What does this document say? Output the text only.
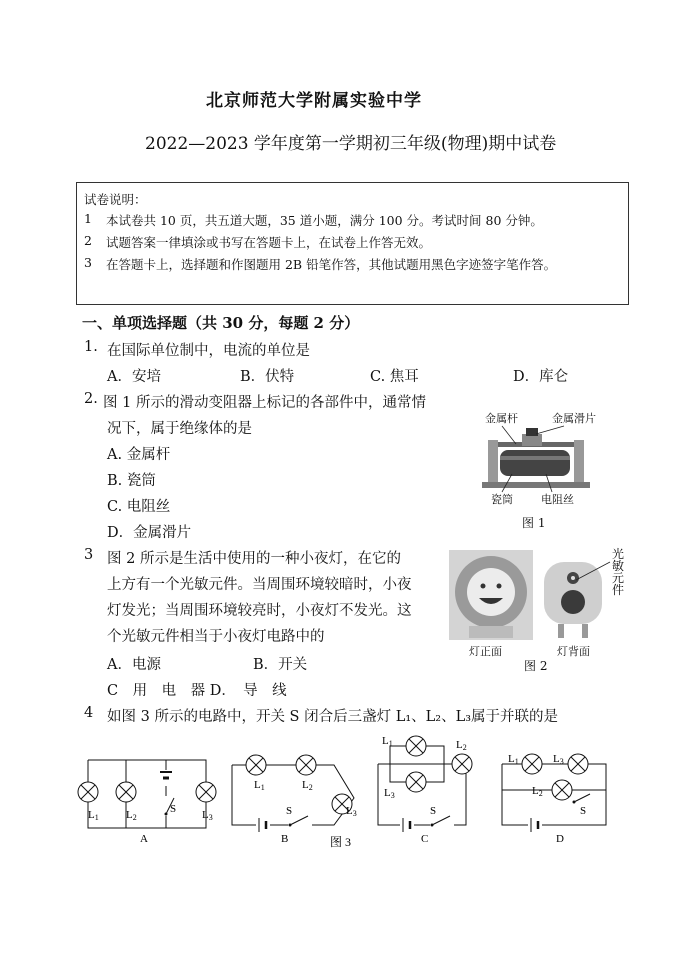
北京师范大学附属实验中学
2022—2023 学年度第一学期初三年级(物理)期中试卷
试卷说明：
1 本试卷共 10 页，共五道大题，35 道小题，满分 100 分。考试时间 80 分钟。
2 试题答案一律填涂或书写在答题卡上，在试卷上作答无效。
3 在答题卡上，选择题和作图题用 2B 铅笔作答，其他试题用黑色字迹签字笔作答。
一、单项选择题（共 30 分，每题 2 分）
1. 在国际单位制中，电流的单位是
A．安培	B．伏特	C. 焦耳	D．库仑
2. 图 1 所示的滑动变阻器上标记的各部件中，通常情
况下，属于绝缘体的是
A. 金属杆
B. 瓷筒
C. 电阻丝
D．金属滑片
金属杆	金属滑片
瓷筒	电阻丝
图 1
3 图 2 所示是生活中使用的一种小夜灯，在它的
上方有一个光敏元件。当周围环境较暗时，小夜
灯发光；当周围环境较亮时，小夜灯不发光。这
个光敏元件相当于小夜灯电路中的
A．电源	B．开关
C　用　电　器 D．　导　线
光敏元件
灯正面
图 2
灯背面
4 如图 3 所示的电路中，开关 S 闭合后三盏灯 L₁、L₂、L₃属于并联的是
L1 L2	L3
S
A
L1	L2
L3
S
B
L1	L2
L3
S
C
L1	L3
L2
S
D
图 3
